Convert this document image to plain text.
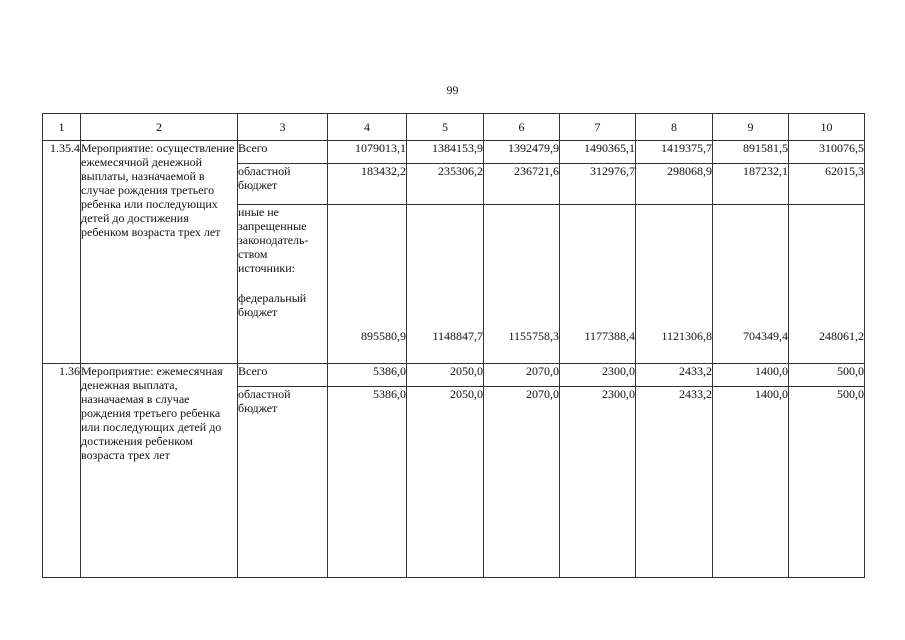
99
1	2	3	4	5	6	7	8	9	10
1.35.4	Мероприятие: осуществление ежемесячной денежной выплаты, назначаемой в случае рождения третьего ребенка или последующих детей до достижения ребенком возраста трех лет	Всего	1079013,1	1384153,9	1392479,9	1490365,1	1419375,7	891581,5	310076,5
		областной бюджет	183432,2	235306,2	236721,6	312976,7	298068,9	187232,1	62015,3

		иные не запрещенные законодатель-ством источники:
федеральный бюджет	895580,9	1148847,7	1155758,3	1177388,4	1121306,8	704349,4	248061,2
1.36	Мероприятие: ежемесячная денежная выплата, назначаемая в случае рождения третьего ребенка или последующих детей до достижения ребенком возраста трех лет	Всего	5386,0	2050,0	2070,0	2300,0	2433,2	1400,0	500,0
		областной бюджет	5386,0	2050,0	2070,0	2300,0	2433,2	1400,0	500,0
